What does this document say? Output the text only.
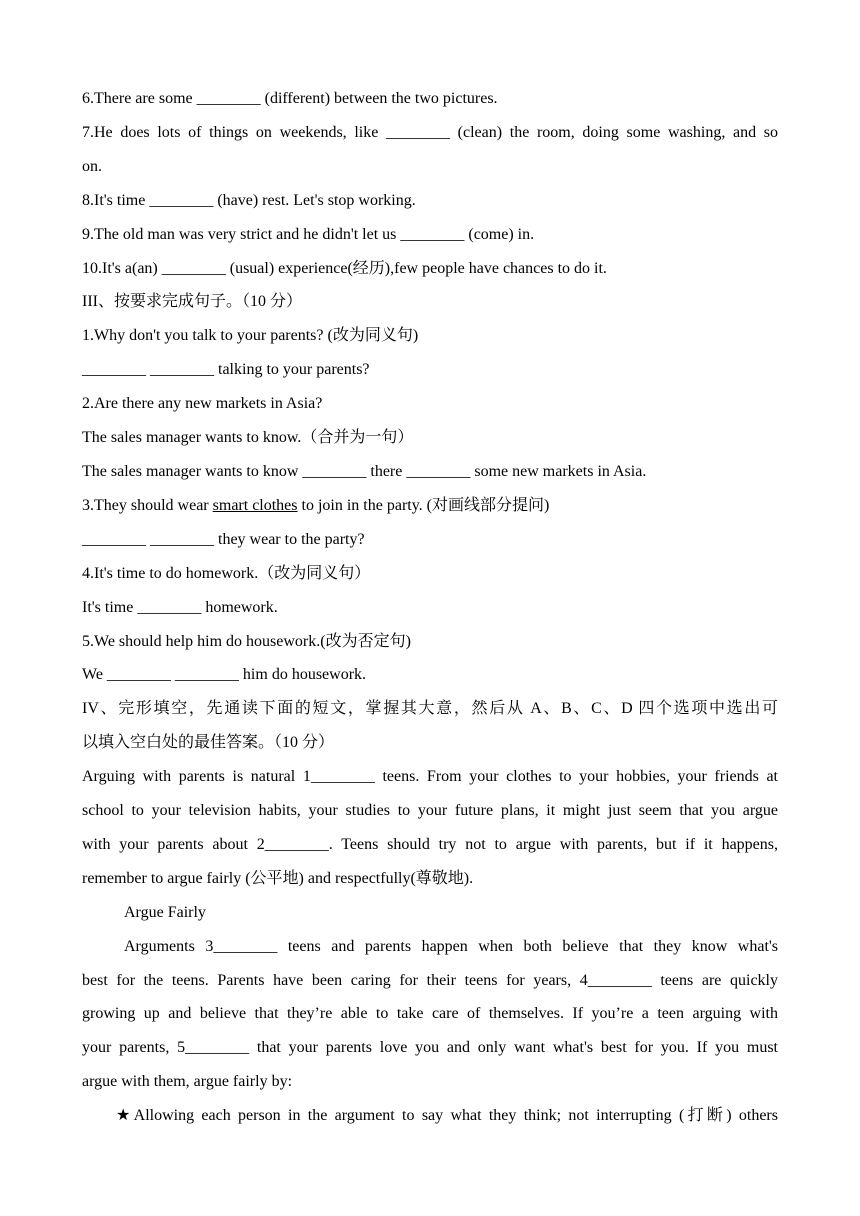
6.There are some ________ (different) between the two pictures.
7.He does lots of things on weekends, like ________ (clean) the room, doing some washing, and so
on.
8.It's time ________ (have) rest. Let's stop working.
9.The old man was very strict and he didn't let us ________ (come) in.
10.It's a(an) ________ (usual) experience(经历),few people have chances to do it.
III、按要求完成句子。（10 分）
1.Why don't you talk to your parents? (改为同义句)
________ ________ talking to your parents?
2.Are there any new markets in Asia?
The sales manager wants to know.（合并为一句）
The sales manager wants to know ________ there ________ some new markets in Asia.
3.They should wear smart clothes to join in the party. (对画线部分提问)
________ ________ they wear to the party?
4.It's time to do homework.（改为同义句）
It's time ________ homework.
5.We should help him do housework.(改为否定句)
We ________ ________ him do housework.
IV、完形填空，先通读下面的短文，掌握其大意，然后从 A、B、C、D 四个选项中选出可
以填入空白处的最佳答案。（10 分）
Arguing with parents is natural 1________ teens. From your clothes to your hobbies, your friends at
school to your television habits, your studies to your future plans, it might just seem that you argue
with your parents about 2________. Teens should try not to argue with parents, but if it happens,
remember to argue fairly (公平地) and respectfully(尊敬地).
Argue Fairly
Arguments 3________ teens and parents happen when both believe that they know what's
best for the teens. Parents have been caring for their teens for years, 4________ teens are quickly
growing up and believe that they’re able to take care of themselves. If you’re a teen arguing with
your parents, 5________ that your parents love you and only want what's best for you. If you must
argue with them, argue fairly by:
★Allowing each person in the argument to say what they think; not interrupting (打断) others
